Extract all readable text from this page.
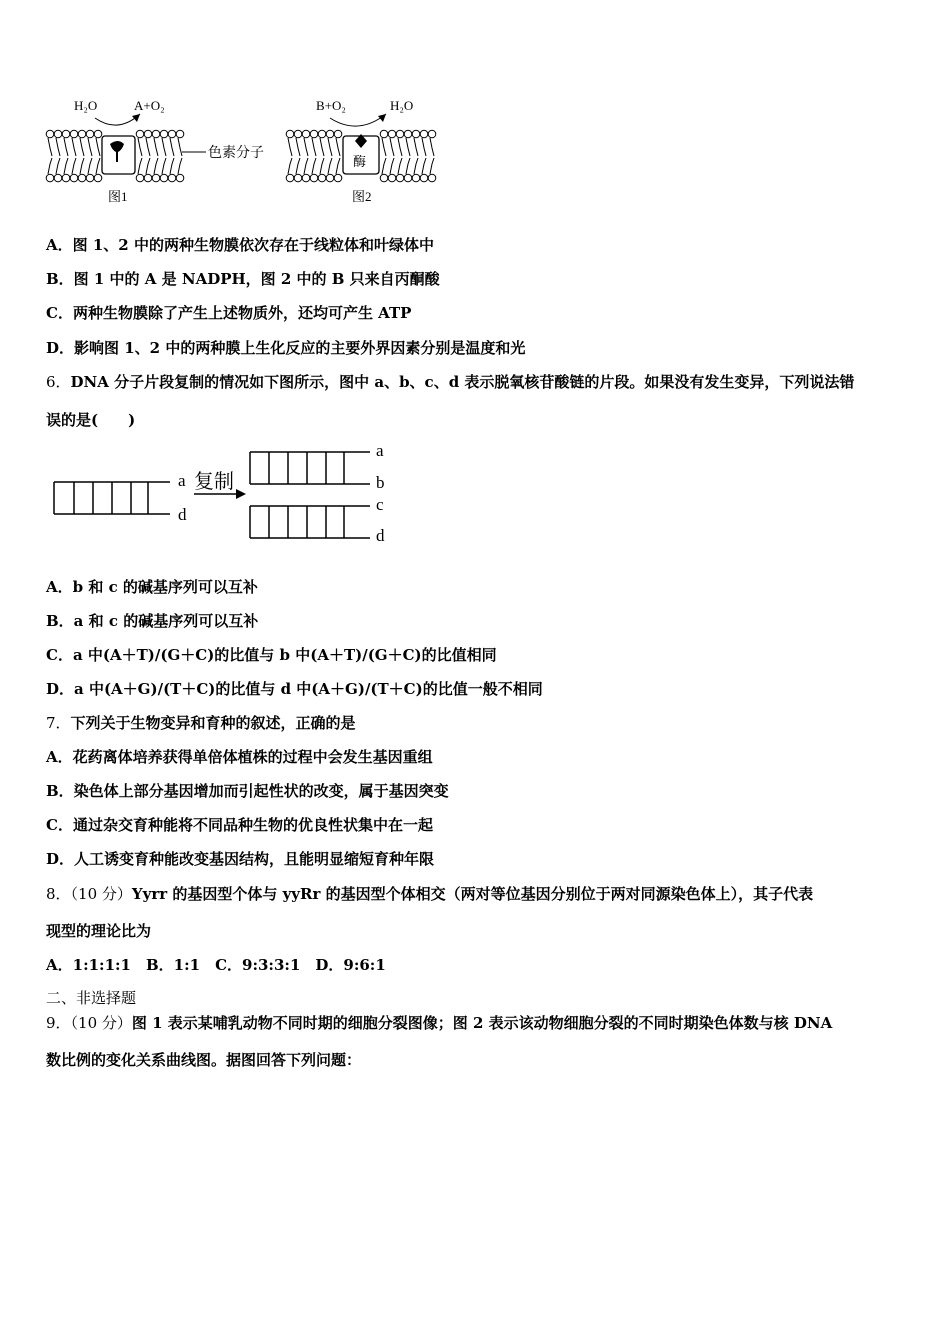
H₂O	A+O₂
色素分子
图1
B+O₂	H₂O
酶
图2
A．图 1、2 中的两种生物膜依次存在于线粒体和叶绿体中
B．图 1 中的 A 是 NADPH，图 2 中的 B 只来自丙酮酸
C．两种生物膜除了产生上述物质外，还均可产生 ATP
D．影响图 1、2 中的两种膜上生化反应的主要外界因素分别是温度和光
6．DNA 分子片段复制的情况如下图所示，图中 a、b、c、d 表示脱氧核苷酸链的片段。如果没有发生变异，下列说法错
误的是(　　)
a
d
复制
a
b
c
d
A．b 和 c 的碱基序列可以互补
B．a 和 c 的碱基序列可以互补
C．a 中(A＋T)/(G＋C)的比值与 b 中(A＋T)/(G＋C)的比值相同
D．a 中(A＋G)/(T＋C)的比值与 d 中(A＋G)/(T＋C)的比值一般不相同
7．下列关于生物变异和育种的叙述，正确的是
A．花药离体培养获得单倍体植株的过程中会发生基因重组
B．染色体上部分基因增加而引起性状的改变，属于基因突变
C．通过杂交育种能将不同品种生物的优良性状集中在一起
D．人工诱变育种能改变基因结构，且能明显缩短育种年限
8．（10 分）Yyrr 的基因型个体与 yyRr 的基因型个体相交（两对等位基因分别位于两对同源染色体上），其子代表
现型的理论比为
A．1:1:1:1　B．1:1　C．9:3:3:1　D．9:6:1
二、非选择题
9．（10 分）图 1 表示某哺乳动物不同时期的细胞分裂图像；图 2 表示该动物细胞分裂的不同时期染色体数与核 DNA
数比例的变化关系曲线图。据图回答下列问题：
